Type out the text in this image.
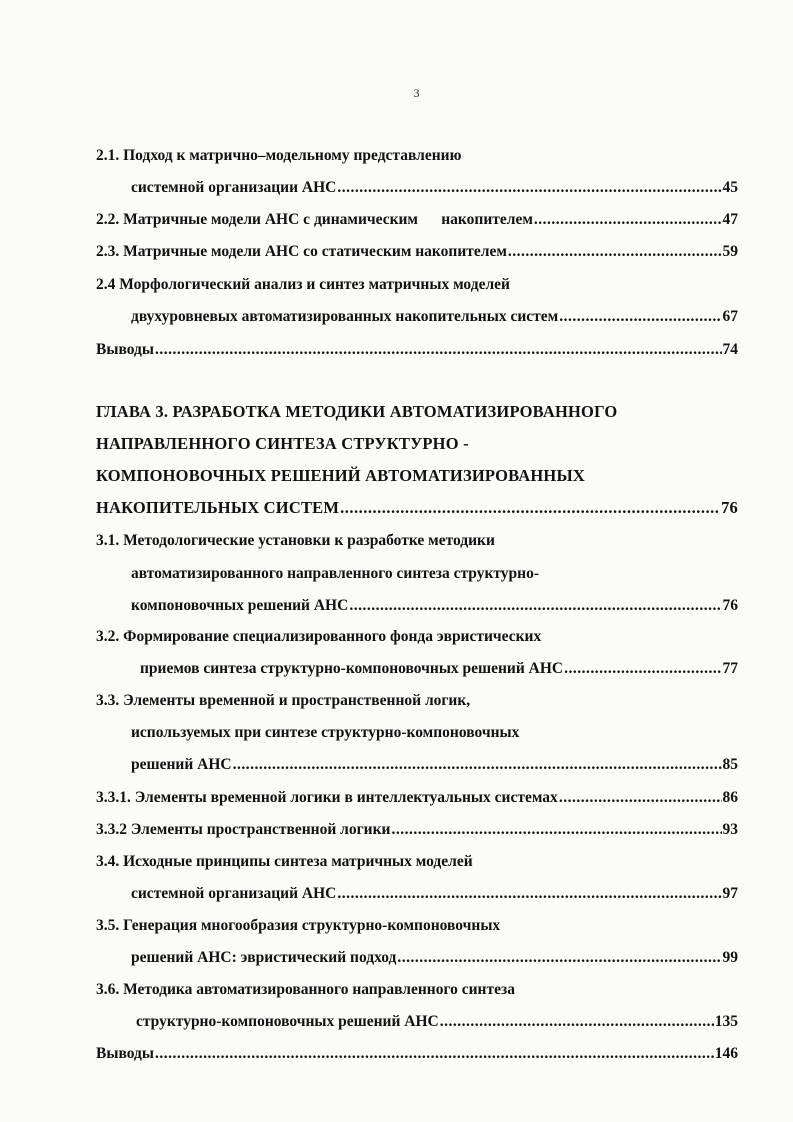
3
2.1. Подход к матрично–модельному представлению
системной организации АНС .....	45
2.2. Матричные модели АНС с динамическим      накопителем .....	47
2.3. Матричные модели АНС со статическим накопителем .....	59
2.4 Морфологический анализ и синтез матричных моделей
двухуровневых автоматизированных накопительных систем .....	67
Выводы .....	74
ГЛАВА 3. РАЗРАБОТКА МЕТОДИКИ АВТОМАТИЗИРОВАННОГО
НАПРАВЛЕННОГО СИНТЕЗА СТРУКТУРНО -
КОМПОНОВОЧНЫХ РЕШЕНИЙ АВТОМАТИЗИРОВАННЫХ
НАКОПИТЕЛЬНЫХ СИСТЕМ .....	76
3.1. Методологические установки к разработке методики
автоматизированного направленного синтеза структурно-
компоновочных решений АНС .....	76
3.2. Формирование специализированного фонда эвристических
приемов синтеза структурно-компоновочных решений АНС .....	77
3.3. Элементы временной и пространственной логик,
используемых при синтезе структурно-компоновочных
решений АНС .....	85
3.3.1. Элементы временной логики в интеллектуальных системах .....	86
3.3.2 Элементы пространственной логики .....	93
3.4. Исходные принципы синтеза матричных моделей
системной организаций АНС .....	97
3.5. Генерация многообразия структурно-компоновочных
решений АНС: эвристический подход .....	99
3.6. Методика автоматизированного направленного синтеза
структурно-компоновочных решений АНС .....	135
Выводы .....	146
